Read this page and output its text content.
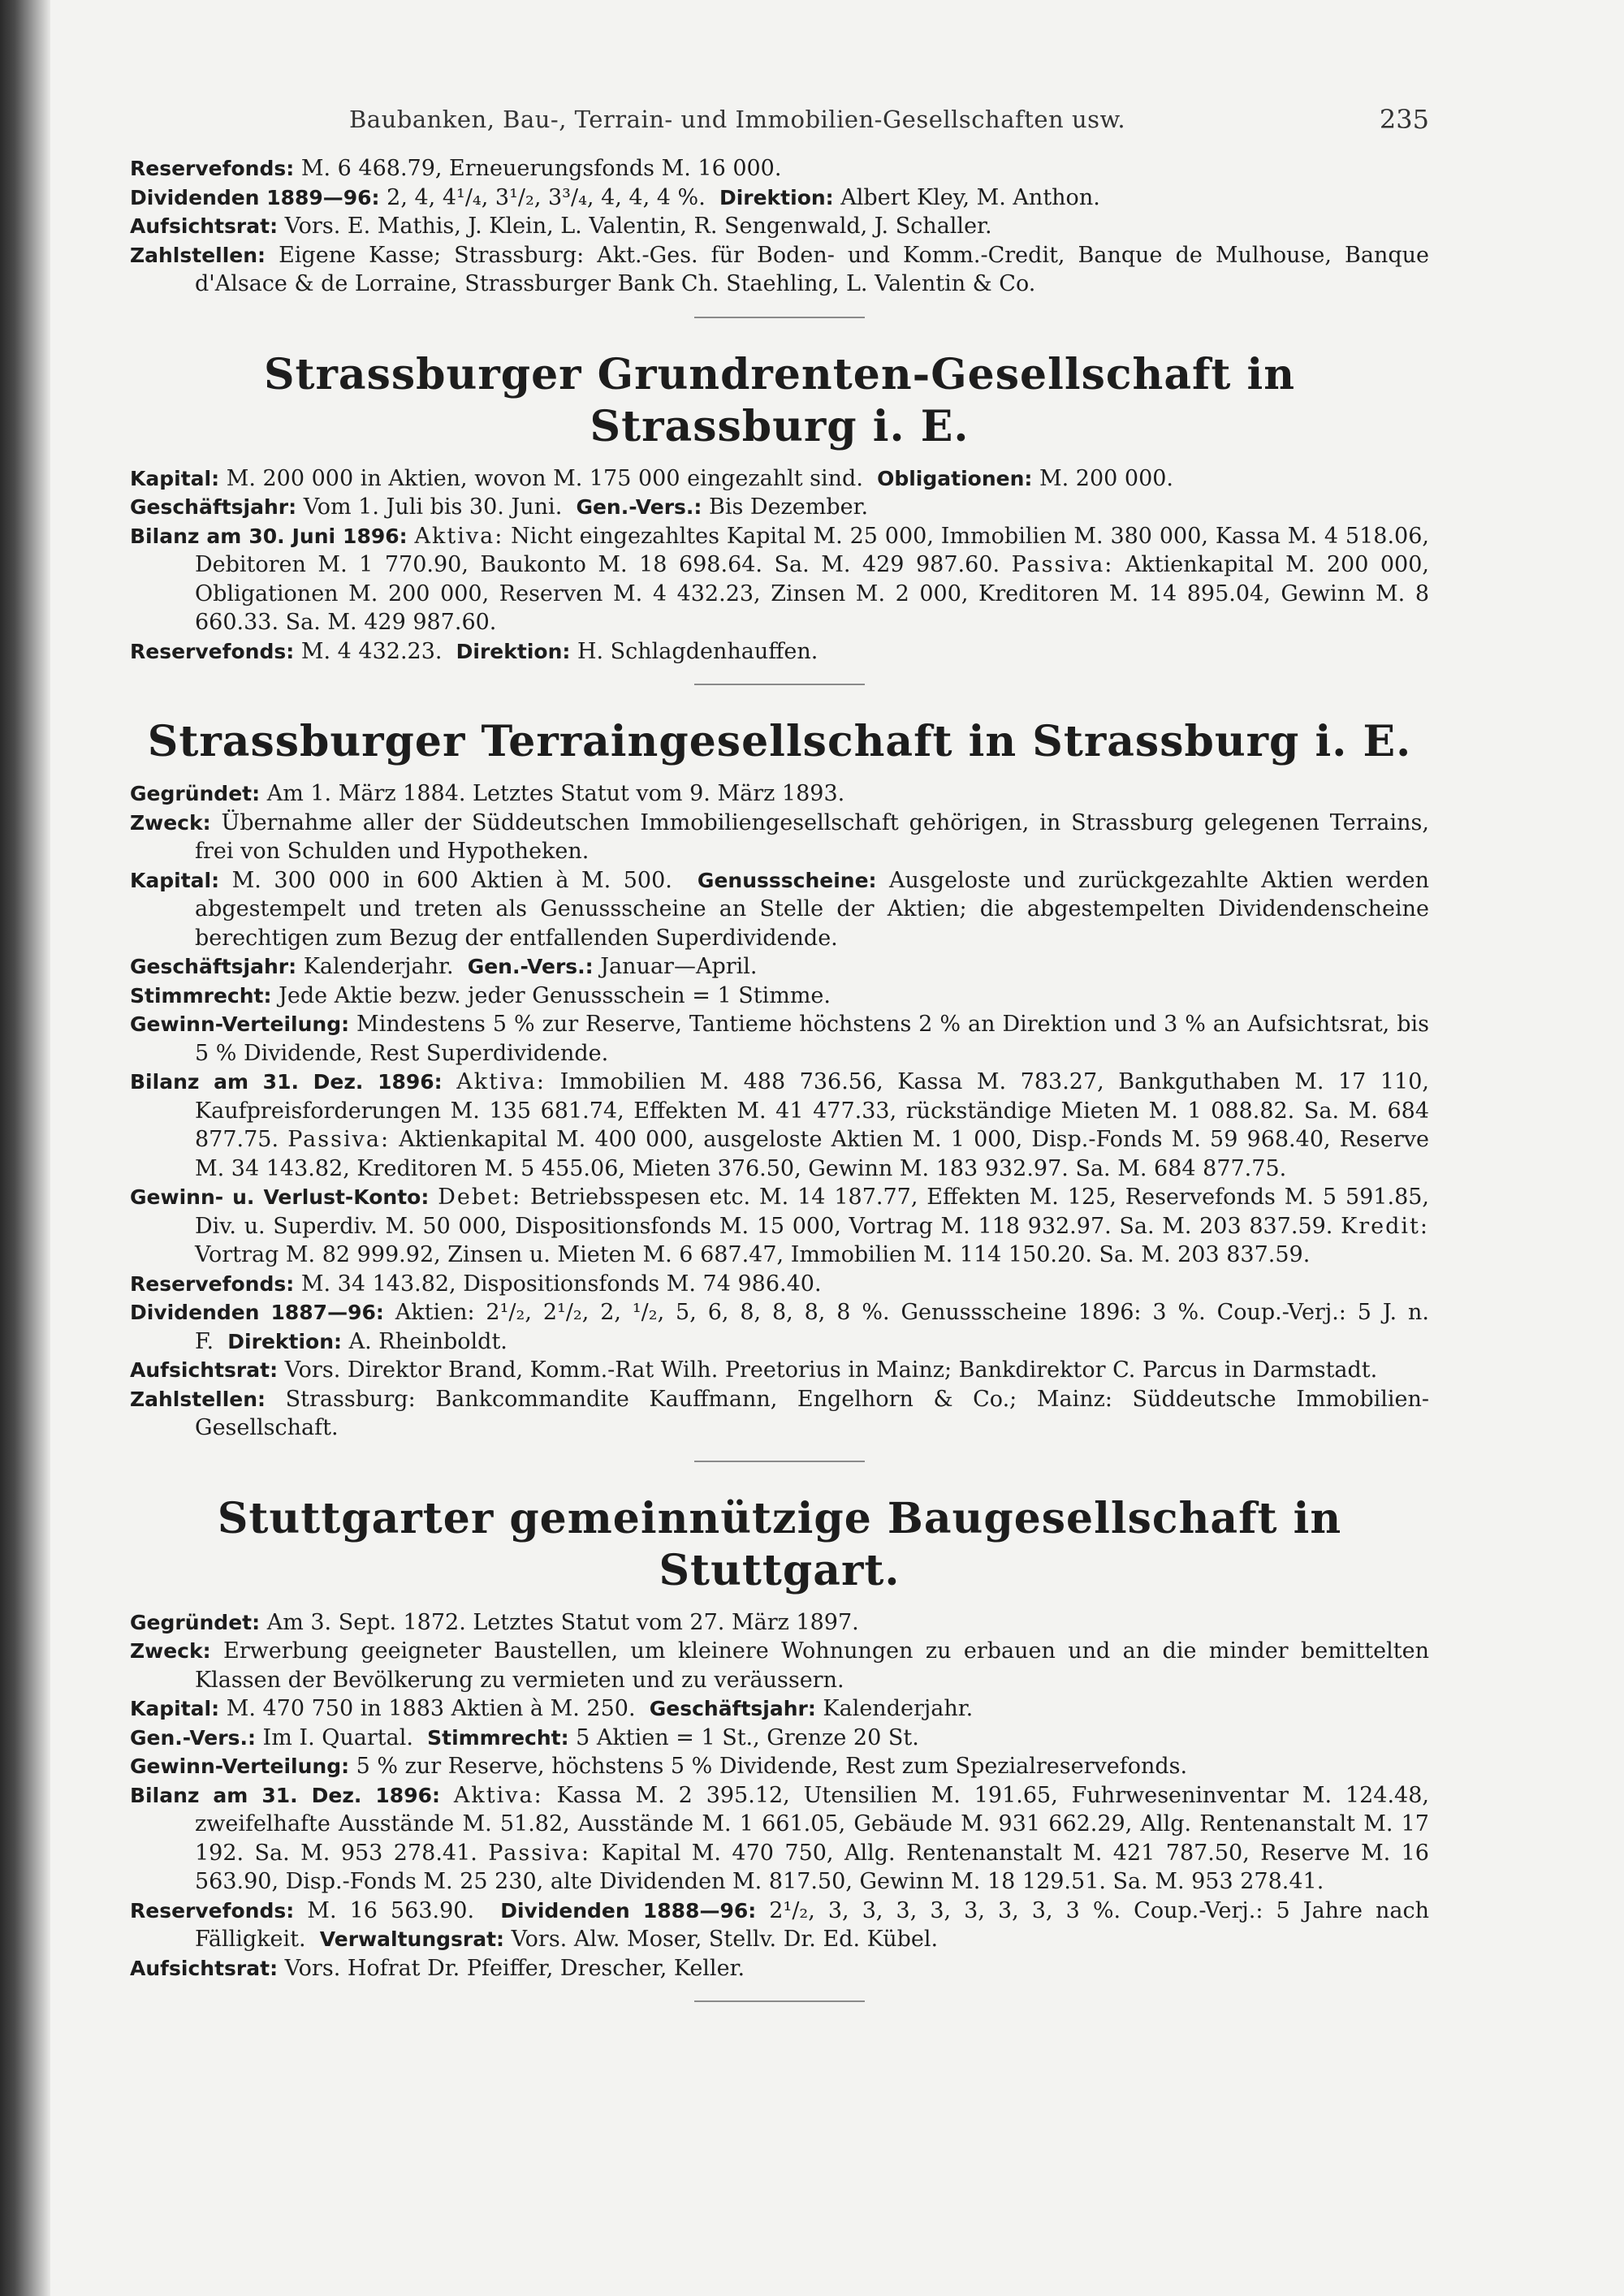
Baubanken, Bau-, Terrain- und Immobilien-Gesellschaften usw.	235

Reservefonds: M. 6 468.79, Erneuerungsfonds M. 16 000.

Dividenden 1889—96: 2, 4, 4¹/₄, 3¹/₂, 3³/₄, 4, 4, 4 %. Direktion: Albert Kley, M. Anthon.

Aufsichtsrat: Vors. E. Mathis, J. Klein, L. Valentin, R. Sengenwald, J. Schaller.

Zahlstellen: Eigene Kasse; Strassburg: Akt.-Ges. für Boden- und Komm.-Credit, Banque de Mulhouse, Banque d'Alsace & de Lorraine, Strassburger Bank Ch. Staehling, L. Valentin & Co.

Strassburger Grundrenten-Gesellschaft in Strassburg i. E.

Kapital: M. 200 000 in Aktien, wovon M. 175 000 eingezahlt sind. Obligationen: M. 200 000.

Geschäftsjahr: Vom 1. Juli bis 30. Juni. Gen.-Vers.: Bis Dezember.

Bilanz am 30. Juni 1896: Aktiva: Nicht eingezahltes Kapital M. 25 000, Immobilien M. 380 000, Kassa M. 4 518.06, Debitoren M. 1 770.90, Baukonto M. 18 698.64. Sa. M. 429 987.60. Passiva: Aktienkapital M. 200 000, Obligationen M. 200 000, Reserven M. 4 432.23, Zinsen M. 2 000, Kreditoren M. 14 895.04, Gewinn M. 8 660.33. Sa. M. 429 987.60.

Reservefonds: M. 4 432.23. Direktion: H. Schlagdenhauffen.

Strassburger Terraingesellschaft in Strassburg i. E.

Gegründet: Am 1. März 1884. Letztes Statut vom 9. März 1893.

Zweck: Übernahme aller der Süddeutschen Immobiliengesellschaft gehörigen, in Strassburg gelegenen Terrains, frei von Schulden und Hypotheken.

Kapital: M. 300 000 in 600 Aktien à M. 500. Genussscheine: Ausgeloste und zurückgezahlte Aktien werden abgestempelt und treten als Genussscheine an Stelle der Aktien; die abgestempelten Dividendenscheine berechtigen zum Bezug der entfallenden Superdividende.

Geschäftsjahr: Kalenderjahr. Gen.-Vers.: Januar—April.

Stimmrecht: Jede Aktie bezw. jeder Genussschein = 1 Stimme.

Gewinn-Verteilung: Mindestens 5 % zur Reserve, Tantieme höchstens 2 % an Direktion und 3 % an Aufsichtsrat, bis 5 % Dividende, Rest Superdividende.

Bilanz am 31. Dez. 1896: Aktiva: Immobilien M. 488 736.56, Kassa M. 783.27, Bankguthaben M. 17 110, Kaufpreisforderungen M. 135 681.74, Effekten M. 41 477.33, rückständige Mieten M. 1 088.82. Sa. M. 684 877.75. Passiva: Aktienkapital M. 400 000, ausgeloste Aktien M. 1 000, Disp.-Fonds M. 59 968.40, Reserve M. 34 143.82, Kreditoren M. 5 455.06, Mieten 376.50, Gewinn M. 183 932.97. Sa. M. 684 877.75.

Gewinn- u. Verlust-Konto: Debet: Betriebsspesen etc. M. 14 187.77, Effekten M. 125, Reservefonds M. 5 591.85, Div. u. Superdiv. M. 50 000, Dispositionsfonds M. 15 000, Vortrag M. 118 932.97. Sa. M. 203 837.59. Kredit: Vortrag M. 82 999.92, Zinsen u. Mieten M. 6 687.47, Immobilien M. 114 150.20. Sa. M. 203 837.59.

Reservefonds: M. 34 143.82, Dispositionsfonds M. 74 986.40.

Dividenden 1887—96: Aktien: 2¹/₂, 2¹/₂, 2, ¹/₂, 5, 6, 8, 8, 8, 8 %. Genussscheine 1896: 3 %. Coup.-Verj.: 5 J. n. F. Direktion: A. Rheinboldt.

Aufsichtsrat: Vors. Direktor Brand, Komm.-Rat Wilh. Preetorius in Mainz; Bankdirektor C. Parcus in Darmstadt.

Zahlstellen: Strassburg: Bankcommandite Kauffmann, Engelhorn & Co.; Mainz: Süddeutsche Immobilien-Gesellschaft.

Stuttgarter gemeinnützige Baugesellschaft in Stuttgart.

Gegründet: Am 3. Sept. 1872. Letztes Statut vom 27. März 1897.

Zweck: Erwerbung geeigneter Baustellen, um kleinere Wohnungen zu erbauen und an die minder bemittelten Klassen der Bevölkerung zu vermieten und zu veräussern.

Kapital: M. 470 750 in 1883 Aktien à M. 250. Geschäftsjahr: Kalenderjahr.

Gen.-Vers.: Im I. Quartal. Stimmrecht: 5 Aktien = 1 St., Grenze 20 St.

Gewinn-Verteilung: 5 % zur Reserve, höchstens 5 % Dividende, Rest zum Spezialreservefonds.

Bilanz am 31. Dez. 1896: Aktiva: Kassa M. 2 395.12, Utensilien M. 191.65, Fuhrweseninventar M. 124.48, zweifelhafte Ausstände M. 51.82, Ausstände M. 1 661.05, Gebäude M. 931 662.29, Allg. Rentenanstalt M. 17 192. Sa. M. 953 278.41. Passiva: Kapital M. 470 750, Allg. Rentenanstalt M. 421 787.50, Reserve M. 16 563.90, Disp.-Fonds M. 25 230, alte Dividenden M. 817.50, Gewinn M. 18 129.51. Sa. M. 953 278.41.

Reservefonds: M. 16 563.90. Dividenden 1888—96: 2¹/₂, 3, 3, 3, 3, 3, 3, 3, 3 %. Coup.-Verj.: 5 Jahre nach Fälligkeit. Verwaltungsrat: Vors. Alw. Moser, Stellv. Dr. Ed. Kübel.

Aufsichtsrat: Vors. Hofrat Dr. Pfeiffer, Drescher, Keller.
